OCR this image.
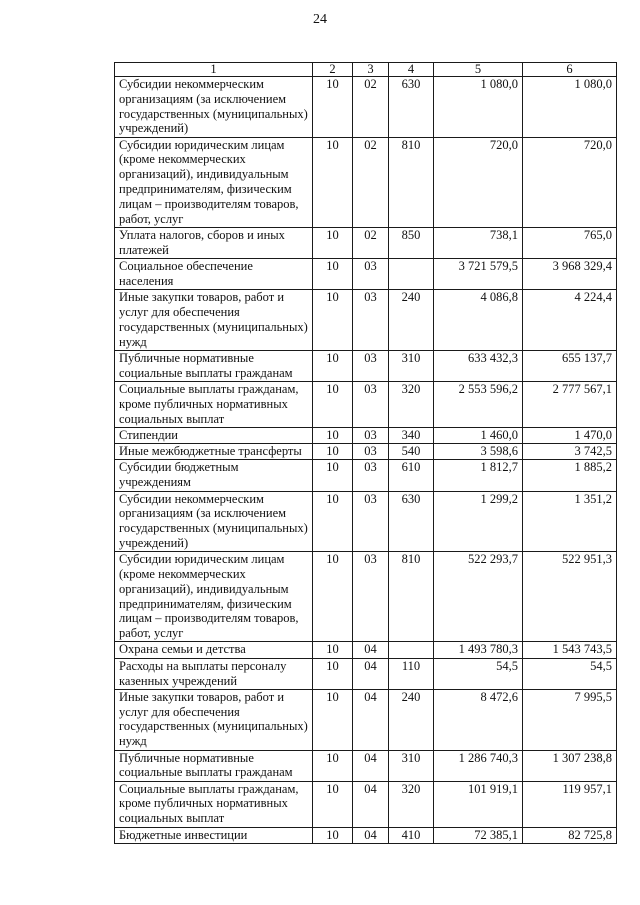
24
1	2	3	4	5	6
Субсидии некоммерческим организациям (за исключением государственных (муниципальных) учреждений)	10	02	630	1 080,0	1 080,0
Субсидии юридическим лицам (кроме некоммерческих организаций), индивидуальным предпринимателям, физическим лицам – производителям товаров, работ, услуг	10	02	810	720,0	720,0
Уплата налогов, сборов и иных платежей	10	02	850	738,1	765,0
Социальное обеспечение населения	10	03		3 721 579,5	3 968 329,4
Иные закупки товаров, работ и услуг для обеспечения государственных (муниципальных) нужд	10	03	240	4 086,8	4 224,4
Публичные нормативные социальные выплаты гражданам	10	03	310	633 432,3	655 137,7
Социальные выплаты гражданам, кроме публичных нормативных социальных выплат	10	03	320	2 553 596,2	2 777 567,1
Стипендии	10	03	340	1 460,0	1 470,0
Иные межбюджетные трансферты	10	03	540	3 598,6	3 742,5
Субсидии бюджетным учреждениям	10	03	610	1 812,7	1 885,2
Субсидии некоммерческим организациям (за исключением государственных (муниципальных) учреждений)	10	03	630	1 299,2	1 351,2
Субсидии юридическим лицам (кроме некоммерческих организаций), индивидуальным предпринимателям, физическим лицам – производителям товаров, работ, услуг	10	03	810	522 293,7	522 951,3
Охрана семьи и детства	10	04		1 493 780,3	1 543 743,5
Расходы на выплаты персоналу казенных учреждений	10	04	110	54,5	54,5
Иные закупки товаров, работ и услуг для обеспечения государственных (муниципальных) нужд	10	04	240	8 472,6	7 995,5
Публичные нормативные социальные выплаты гражданам	10	04	310	1 286 740,3	1 307 238,8
Социальные выплаты гражданам, кроме публичных нормативных социальных выплат	10	04	320	101 919,1	119 957,1
Бюджетные инвестиции	10	04	410	72 385,1	82 725,8
